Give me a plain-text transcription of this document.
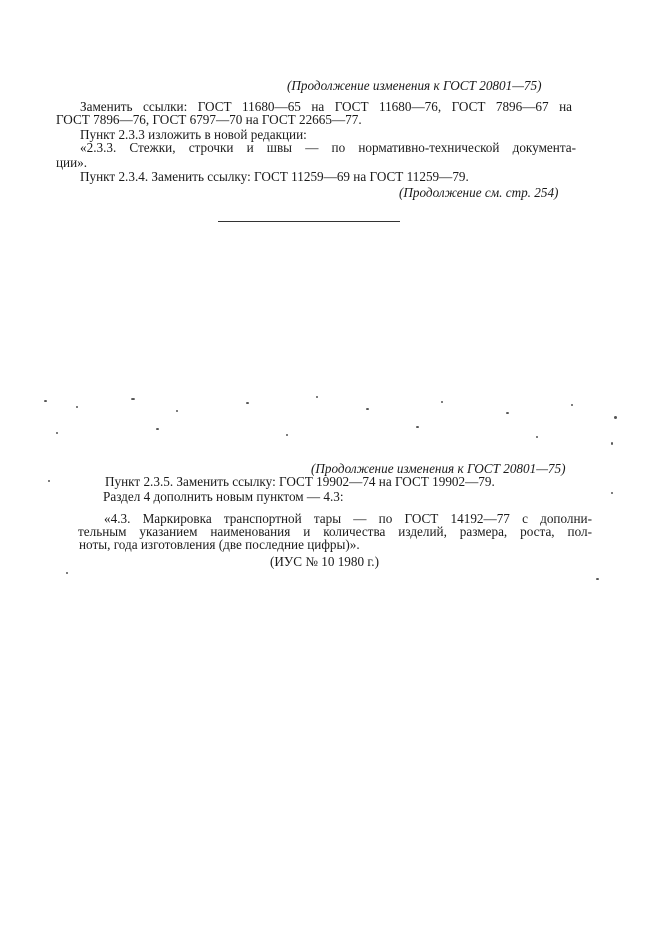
(Продолжение изменения к ГОСТ 20801—75)
Заменить ссылки: ГОСТ 11680—65 на ГОСТ 11680—76, ГОСТ 7896—67 на
ГОСТ 7896—76, ГОСТ 6797—70 на ГОСТ 22665—77.
Пункт 2.3.3 изложить в новой редакции:
«2.3.3. Стежки, строчки и швы — по нормативно-технической документа-
ции».
Пункт 2.3.4. Заменить ссылку: ГОСТ 11259—69 на ГОСТ 11259—79.
(Продолжение см. стр. 254)
(Продолжение изменения к ГОСТ 20801—75)
Пункт 2.3.5. Заменить ссылку: ГОСТ 19902—74 на ГОСТ 19902—79.
Раздел 4 дополнить новым пунктом — 4.3:
«4.3. Маркировка транспортной тары — по ГОСТ 14192—77 с дополни-
тельным указанием наименования и количества изделий, размера, роста, пол-
ноты, года изготовления (две последние цифры)».
(ИУС № 10 1980 г.)
